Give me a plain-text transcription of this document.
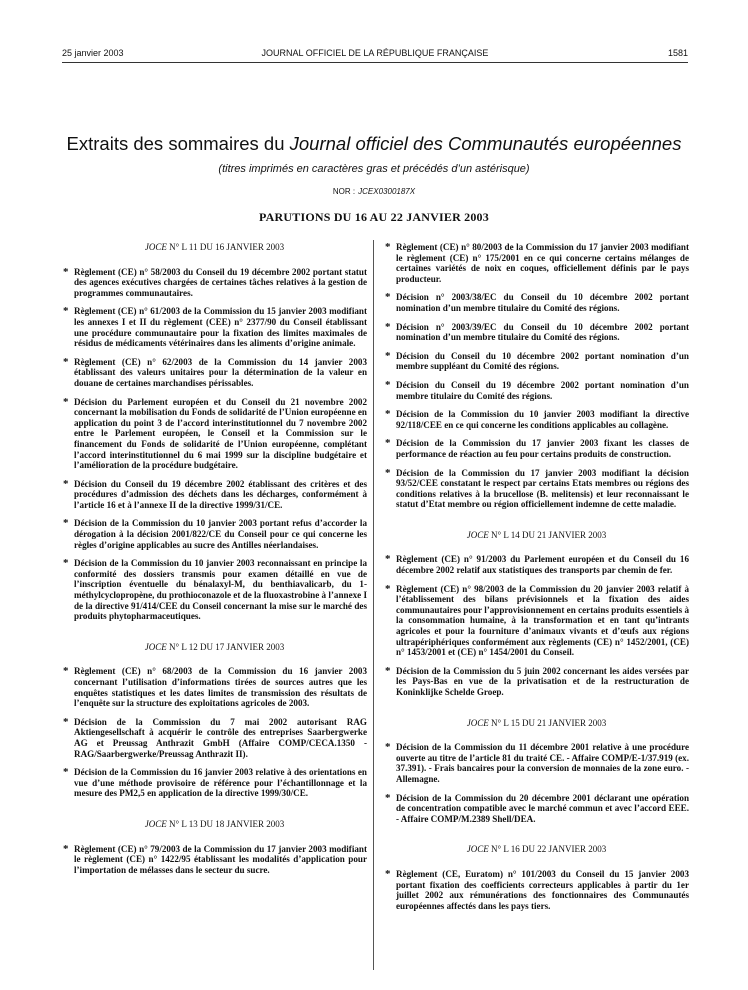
25 janvier 2003	JOURNAL OFFICIEL DE LA RÉPUBLIQUE FRANÇAISE	1581
Extraits des sommaires du Journal officiel des Communautés européennes
(titres imprimés en caractères gras et précédés d’un astérisque)
NOR : JCEX0300187X
PARUTIONS DU 16 AU 22 JANVIER 2003
JOCE N° L 11 DU 16 JANVIER 2003
* Règlement (CE) n° 58/2003 du Conseil du 19 décembre 2002 portant statut des agences exécutives chargées de certaines tâches relatives à la gestion de programmes communautaires.
* Règlement (CE) n° 61/2003 de la Commission du 15 janvier 2003 modifiant les annexes I et II du règlement (CEE) n° 2377/90 du Conseil établissant une procédure communautaire pour la fixation des limites maximales de résidus de médicaments vétérinaires dans les aliments d’origine animale.
* Règlement (CE) n° 62/2003 de la Commission du 14 janvier 2003 établissant des valeurs unitaires pour la détermination de la valeur en douane de certaines marchandises périssables.
* Décision du Parlement européen et du Conseil du 21 novembre 2002 concernant la mobilisation du Fonds de solidarité de l’Union européenne en application du point 3 de l’accord interinstitutionnel du 7 novembre 2002 entre le Parlement européen, le Conseil et la Commission sur le financement du Fonds de solidarité de l’Union européenne, complétant l’accord interinstitutionnel du 6 mai 1999 sur la discipline budgétaire et l’amélioration de la procédure budgétaire.
* Décision du Conseil du 19 décembre 2002 établissant des critères et des procédures d’admission des déchets dans les décharges, conformément à l’article 16 et à l’annexe II de la directive 1999/31/CE.
* Décision de la Commission du 10 janvier 2003 portant refus d’accorder la dérogation à la décision 2001/822/CE du Conseil pour ce qui concerne les règles d’origine applicables au sucre des Antilles néerlandaises.
* Décision de la Commission du 10 janvier 2003 reconnaissant en principe la conformité des dossiers transmis pour examen détaillé en vue de l’inscription éventuelle du bénalaxyl-M, du benthiavalicarb, du 1-méthylcyclopropène, du prothioconazole et de la fluoxastrobine à l’annexe I de la directive 91/414/CEE du Conseil concernant la mise sur le marché des produits phytopharmaceutiques.
JOCE N° L 12 DU 17 JANVIER 2003
* Règlement (CE) n° 68/2003 de la Commission du 16 janvier 2003 concernant l’utilisation d’informations tirées de sources autres que les enquêtes statistiques et les dates limites de transmission des résultats de l’enquête sur la structure des exploitations agricoles de 2003.
* Décision de la Commission du 7 mai 2002 autorisant RAG Aktiengesellschaft à acquérir le contrôle des entreprises Saarbergwerke AG et Preussag Anthrazit GmbH (Affaire COMP/CECA.1350 - RAG/Saarbergwerke/Preussag Anthrazit II).
* Décision de la Commission du 16 janvier 2003 relative à des orientations en vue d’une méthode provisoire de référence pour l’échantillonnage et la mesure des PM2,5 en application de la directive 1999/30/CE.
JOCE N° L 13 DU 18 JANVIER 2003
* Règlement (CE) n° 79/2003 de la Commission du 17 janvier 2003 modifiant le règlement (CE) n° 1422/95 établissant les modalités d’application pour l’importation de mélasses dans le secteur du sucre.
* Règlement (CE) n° 80/2003 de la Commission du 17 janvier 2003 modifiant le règlement (CE) n° 175/2001 en ce qui concerne certains mélanges de certaines variétés de noix en coques, officiellement définis par le pays producteur.
* Décision n° 2003/38/EC du Conseil du 10 décembre 2002 portant nomination d’un membre titulaire du Comité des régions.
* Décision n° 2003/39/EC du Conseil du 10 décembre 2002 portant nomination d’un membre titulaire du Comité des régions.
* Décision du Conseil du 10 décembre 2002 portant nomination d’un membre suppléant du Comité des régions.
* Décision du Conseil du 19 décembre 2002 portant nomination d’un membre titulaire du Comité des régions.
* Décision de la Commission du 10 janvier 2003 modifiant la directive 92/118/CEE en ce qui concerne les conditions applicables au collagène.
* Décision de la Commission du 17 janvier 2003 fixant les classes de performance de réaction au feu pour certains produits de construction.
* Décision de la Commission du 17 janvier 2003 modifiant la décision 93/52/CEE constatant le respect par certains Etats membres ou régions des conditions relatives à la brucellose (B. melitensis) et leur reconnaissant le statut d’Etat membre ou région officiellement indemne de cette maladie.
JOCE N° L 14 DU 21 JANVIER 2003
* Règlement (CE) n° 91/2003 du Parlement européen et du Conseil du 16 décembre 2002 relatif aux statistiques des transports par chemin de fer.
* Règlement (CE) n° 98/2003 de la Commission du 20 janvier 2003 relatif à l’établissement des bilans prévisionnels et la fixation des aides communautaires pour l’approvisionnement en certains produits essentiels à la consommation humaine, à la transformation et en tant qu’intrants agricoles et pour la fourniture d’animaux vivants et d’œufs aux régions ultrapériphériques conformément aux règlements (CE) n° 1452/2001, (CE) n° 1453/2001 et (CE) n° 1454/2001 du Conseil.
* Décision de la Commission du 5 juin 2002 concernant les aides versées par les Pays-Bas en vue de la privatisation et de la restructuration de Koninklijke Schelde Groep.
JOCE N° L 15 DU 21 JANVIER 2003
* Décision de la Commission du 11 décembre 2001 relative à une procédure ouverte au titre de l’article 81 du traité CE. - Affaire COMP/E-1/37.919 (ex. 37.391). - Frais bancaires pour la conversion de monnaies de la zone euro. - Allemagne.
* Décision de la Commission du 20 décembre 2001 déclarant une opération de concentration compatible avec le marché commun et avec l’accord EEE. - Affaire COMP/M.2389 Shell/DEA.
JOCE N° L 16 DU 22 JANVIER 2003
* Règlement (CE, Euratom) n° 101/2003 du Conseil du 15 janvier 2003 portant fixation des coefficients correcteurs applicables à partir du 1er juillet 2002 aux rémunérations des fonctionnaires des Communautés européennes affectés dans les pays tiers.
